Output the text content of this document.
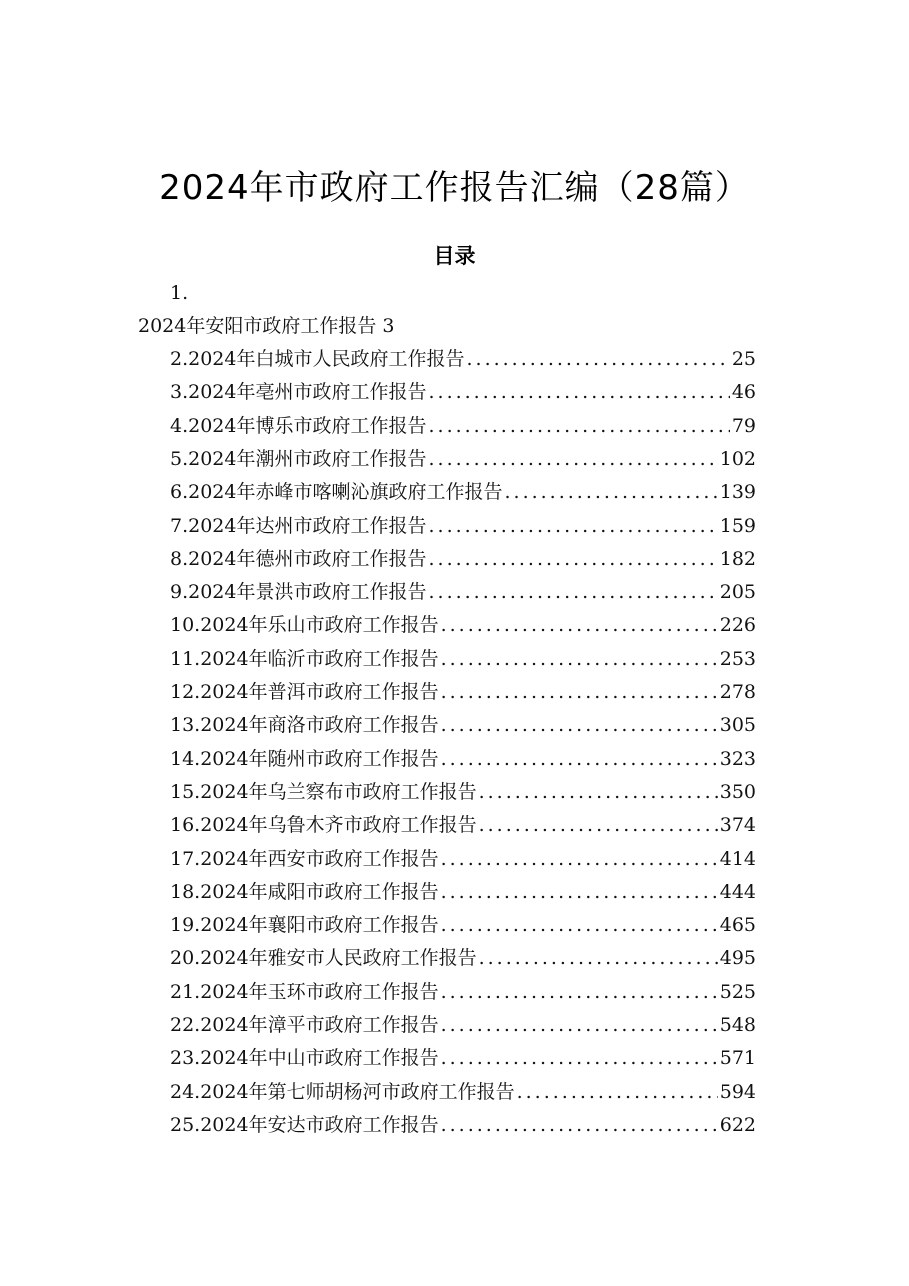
2024年市政府工作报告汇编（28篇）
目录
1.
2024年安阳市政府工作报告 3
2.2024年白城市人民政府工作报告 .....	25
3.2024年亳州市政府工作报告 .....	46
4.2024年博乐市政府工作报告 .....	79
5.2024年潮州市政府工作报告 .....	102
6.2024年赤峰市喀喇沁旗政府工作报告 .....	139
7.2024年达州市政府工作报告 .....	159
8.2024年德州市政府工作报告 .....	182
9.2024年景洪市政府工作报告 .....	205
10.2024年乐山市政府工作报告 .....	226
11.2024年临沂市政府工作报告 .....	253
12.2024年普洱市政府工作报告 .....	278
13.2024年商洛市政府工作报告 .....	305
14.2024年随州市政府工作报告 .....	323
15.2024年乌兰察布市政府工作报告 .....	350
16.2024年乌鲁木齐市政府工作报告 .....	374
17.2024年西安市政府工作报告 .....	414
18.2024年咸阳市政府工作报告 .....	444
19.2024年襄阳市政府工作报告 .....	465
20.2024年雅安市人民政府工作报告 .....	495
21.2024年玉环市政府工作报告 .....	525
22.2024年漳平市政府工作报告 .....	548
23.2024年中山市政府工作报告 .....	571
24.2024年第七师胡杨河市政府工作报告 .....	594
25.2024年安达市政府工作报告 .....	622
